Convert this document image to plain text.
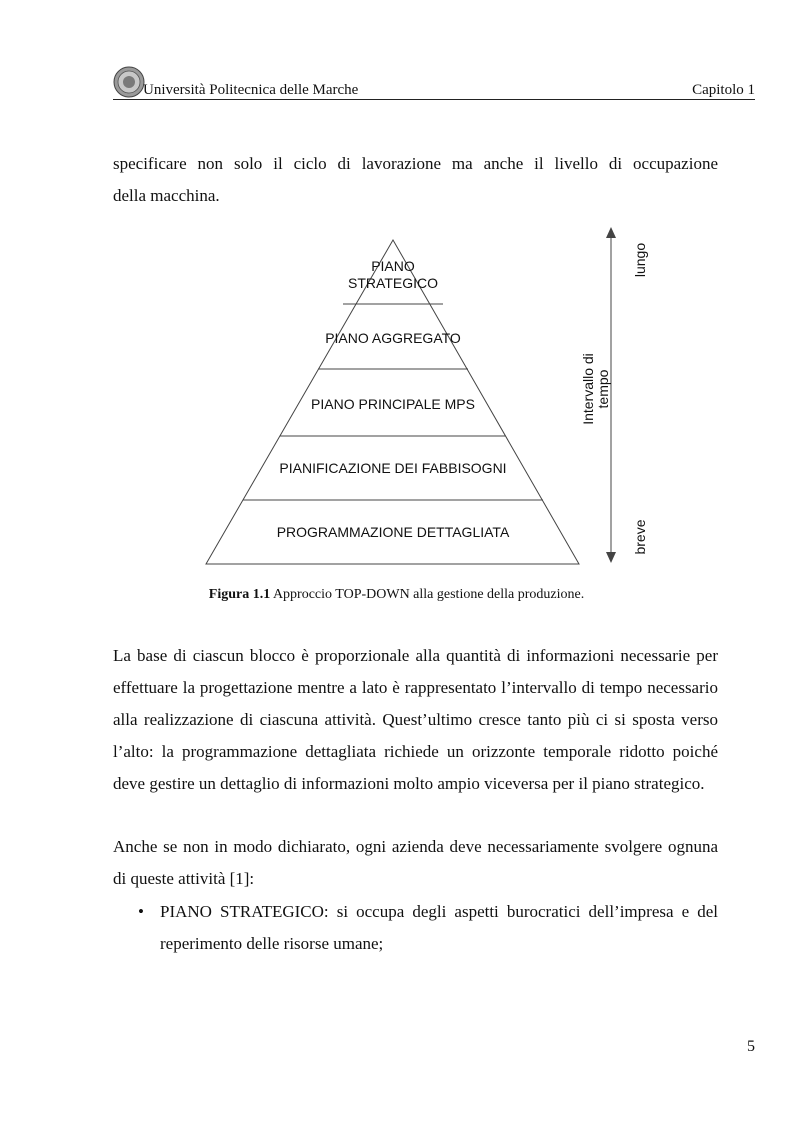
Università Politecnica delle Marche	Capitolo 1
specificare non solo il ciclo di lavorazione ma anche il livello di occupazione
della macchina.
PIANO
STRATEGICO
PIANO AGGREGATO
PIANO PRINCIPALE MPS
PIANIFICAZIONE DEI FABBISOGNI
PROGRAMMAZIONE DETTAGLIATA
lungo
Intervallo di tempo
breve
Figura 1.1 Approccio TOP-DOWN alla gestione della produzione.
La base di ciascun blocco è proporzionale alla quantità di informazioni necessarie per effettuare la progettazione mentre a lato è rappresentato l’intervallo di tempo necessario alla realizzazione di ciascuna attività. Quest’ultimo cresce tanto più ci si sposta verso l’alto: la programmazione dettagliata richiede un orizzonte temporale ridotto poiché deve gestire un dettaglio di informazioni molto ampio viceversa per il piano strategico.
Anche se non in modo dichiarato, ogni azienda deve necessariamente svolgere ognuna di queste attività [1]:
• PIANO STRATEGICO: si occupa degli aspetti burocratici dell’impresa e del reperimento delle risorse umane;
5
